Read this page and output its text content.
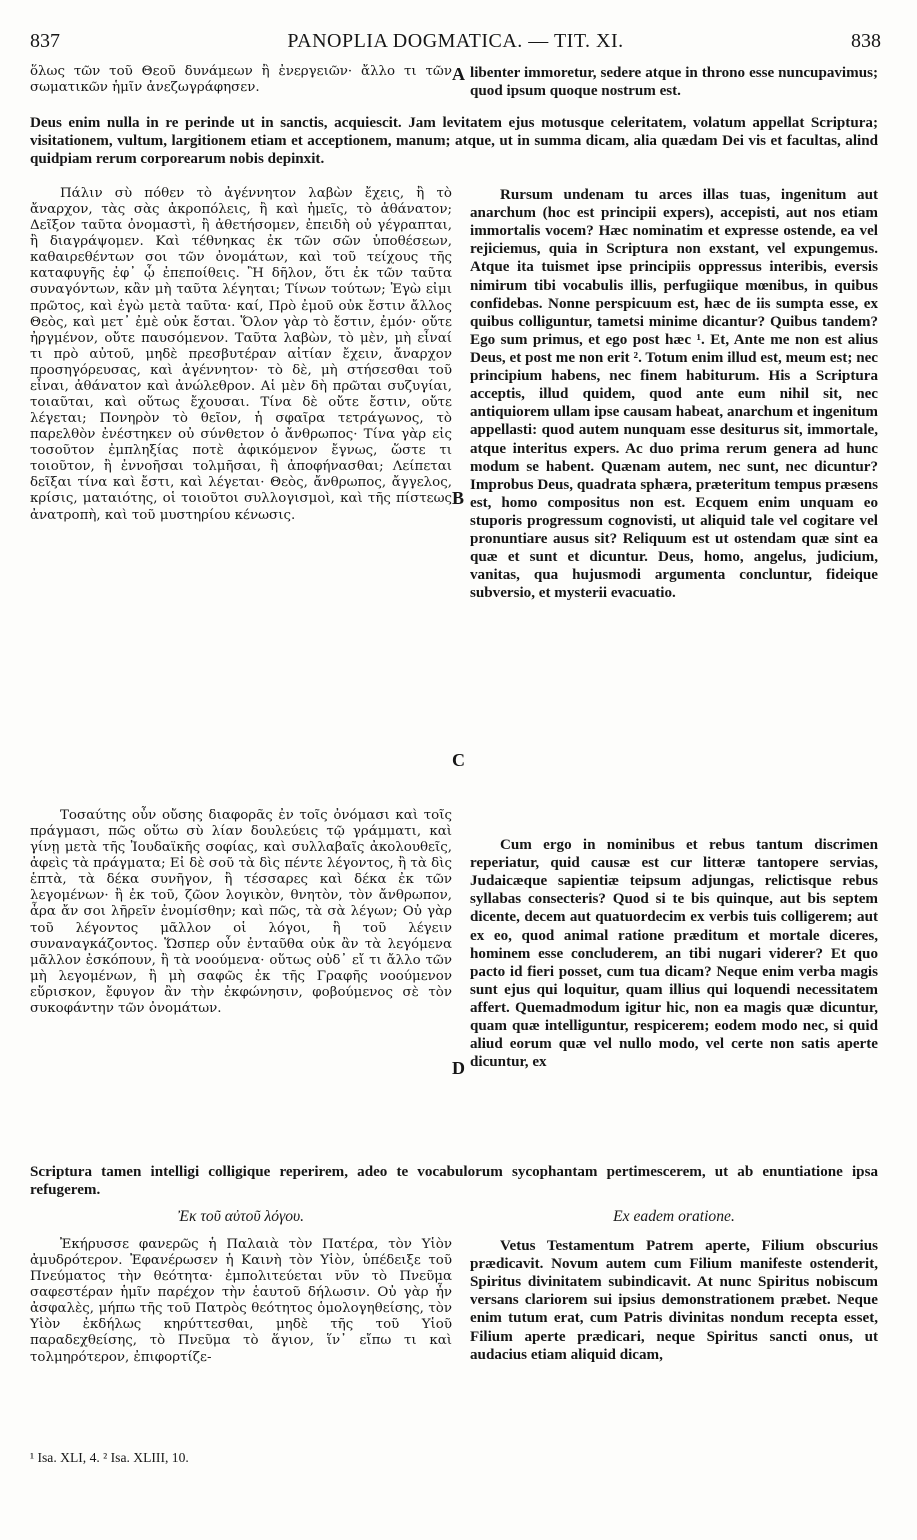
837	PANOPLIA DOGMATICA. — TIT. XI.	838

ὅλως τῶν τοῦ Θεοῦ δυνάμεων ἢ ἐνεργειῶν· ἄλλο τι τῶν σωματικῶν ἡμῖν ἀνεζωγράφησεν.

libenter immoretur, sedere atque in throno esse nuncupavimus; quod ipsum quoque nostrum est.

Deus enim nulla in re perinde ut in sanctis, acquiescit. Jam levitatem ejus motusque celeritatem, volatum appellat Scriptura; visitationem, vultum, largitionem etiam et acceptionem, manum; atque, ut in summa dicam, alia quædam Dei vis et facultas, alind quidpiam rerum corporearum nobis depinxit.

Πάλιν σὺ πόθεν τὸ ἀγέννητον λαβὼν ἔχεις, ἢ τὸ ἄναρχον, τὰς σὰς ἀκροπόλεις, ἢ καὶ ἡμεῖς, τὸ ἀθάνατον; Δεῖξον ταῦτα ὀνομαστὶ, ἢ ἀθετήσομεν, ἐπειδὴ οὐ γέγραπται, ἢ διαγράψομεν. Καὶ τέθνηκας ἐκ τῶν σῶν ὑποθέσεων, καθαιρεθέντων σοι τῶν ὀνομάτων, καὶ τοῦ τείχους τῆς καταφυγῆς ἐφ᾽ ᾧ ἐπεποίθεις. Ἢ δῆλον, ὅτι ἐκ τῶν ταῦτα συναγόντων, κἂν μὴ ταῦτα λέγηται; Τίνων τούτων; Ἐγὼ εἰμι πρῶτος, καὶ ἐγὼ μετὰ ταῦτα· καί, Πρὸ ἐμοῦ οὐκ ἔστιν ἄλλος Θεὸς, καὶ μετ᾽ ἐμὲ οὐκ ἔσται. Ὅλον γὰρ τὸ ἔστιν, ἐμόν· οὔτε ἠργμένον, οὔτε παυσόμενον. Ταῦτα λαβὼν, τὸ μὲν, μὴ εἶναί τι πρὸ αὐτοῦ, μηδὲ πρεσβυτέραν αἰτίαν ἔχειν, ἄναρχον προσηγόρευσας, καὶ ἀγέννητον· τὸ δὲ, μὴ στήσεσθαι τοῦ εἶναι, ἀθάνατον καὶ ἀνώλεθρον. Αἱ μὲν δὴ πρῶται συζυγίαι, τοιαῦται, καὶ οὕτως ἔχουσαι. Τίνα δὲ οὔτε ἔστιν, οὔτε λέγεται; Πονηρὸν τὸ θεῖον, ἡ σφαῖρα τετράγωνος, τὸ παρελθὸν ἐνέστηκεν οὐ σύνθετον ὁ ἄνθρωπος· Τίνα γὰρ εἰς τοσοῦτον ἐμπληξίας ποτὲ ἀφικόμενον ἔγνως, ὥστε τι τοιοῦτον, ἢ ἐννοῆσαι τολμῆσαι, ἢ ἀποφήνασθαι; Λείπεται δεῖξαι τίνα καὶ ἔστι, καὶ λέγεται· Θεὸς, ἄνθρωπος, ἄγγελος, κρίσις, ματαιότης, οἱ τοιοῦτοι συλλογισμοὶ, καὶ τῆς πίστεως ἀνατροπὴ, καὶ τοῦ μυστηρίου κένωσις.

Rursum undenam tu arces illas tuas, ingenitum aut anarchum (hoc est principii expers), accepisti, aut nos etiam immortalis vocem? Hæc nominatim et expresse ostende, ea vel rejiciemus, quia in Scriptura non exstant, vel expungemus. Atque ita tuismet ipse principiis oppressus interibis, eversis nimirum tibi vocabulis illis, perfugiique mœnibus, in quibus confidebas. Nonne perspicuum est, hæc de iis sumpta esse, ex quibus colliguntur, tametsi minime dicantur? Quibus tandem? Ego sum primus, et ego post hæc ¹. Et, Ante me non est alius Deus, et post me non erit ². Totum enim illud est, meum est; nec principium habens, nec finem habiturum. His a Scriptura acceptis, illud quidem, quod ante eum nihil sit, nec antiquiorem ullam ipse causam habeat, anarchum et ingenitum appellasti: quod autem nunquam esse desiturus sit, immortale, atque interitus expers. Ac duo prima rerum genera ad hunc modum se habent. Quænam autem, nec sunt, nec dicuntur? Improbus Deus, quadrata sphæra, præteritum tempus præsens est, homo compositus non est. Ecquem enim unquam eo stuporis progressum cognovisti, ut aliquid tale vel cogitare vel pronuntiare ausus sit? Reliquum est ut ostendam quæ sint ea quæ et sunt et dicuntur. Deus, homo, angelus, judicium, vanitas, qua hujusmodi argumenta concluntur, fideique subversio, et mysterii evacuatio.

Τοσαύτης οὖν οὔσης διαφορᾶς ἐν τοῖς ὀνόμασι καὶ τοῖς πράγμασι, πῶς οὕτω σὺ λίαν δουλεύεις τῷ γράμματι, καὶ γίνῃ μετὰ τῆς Ἰουδαϊκῆς σοφίας, καὶ συλλαβαῖς ἀκολουθεῖς, ἀφεὶς τὰ πράγματα; Εἰ δὲ σοῦ τὰ δὶς πέντε λέγοντος, ἢ τὰ δὶς ἑπτὰ, τὰ δέκα συνῆγον, ἢ τέσσαρες καὶ δέκα ἐκ τῶν λεγομένων· ἢ ἐκ τοῦ, ζῶον λογικὸν, θνητὸν, τὸν ἄνθρωπον, ἆρα ἄν σοι λῆρεῖν ἐνομίσθην; καὶ πῶς, τὰ σὰ λέγων; Οὐ γὰρ τοῦ λέγοντος μᾶλλον οἱ λόγοι, ἢ τοῦ λέγειν συναναγκάζοντος. Ὥσπερ οὖν ἐνταῦθα οὐκ ἂν τὰ λεγόμενα μᾶλλον ἐσκόπουν, ἢ τὰ νοούμενα· οὕτως οὐδ᾽ εἴ τι ἄλλο τῶν μὴ λεγομένων, ἢ μὴ σαφῶς ἐκ τῆς Γραφῆς νοούμενον εὕρισκον, ἔφυγον ἂν τὴν ἐκφώνησιν, φοβούμενος σὲ τὸν συκοφάντην τῶν ὀνομάτων.

Cum ergo in nominibus et rebus tantum discrimen reperiatur, quid causæ est cur litteræ tantopere servias, Judaicæque sapientiæ teipsum adjungas, relictisque rebus syllabas consecteris? Quod si te bis quinque, aut bis septem dicente, decem aut quatuordecim ex verbis tuis colligerem; aut ex eo, quod animal ratione præditum et mortale diceres, hominem esse concluderem, an tibi nugari viderer? Et quo pacto id fieri posset, cum tua dicam? Neque enim verba magis sunt ejus qui loquitur, quam illius qui loquendi necessitatem affert. Quemadmodum igitur hic, non ea magis quæ dicuntur, quam quæ intelliguntur, respicerem; eodem modo nec, si quid aliud eorum quæ vel nullo modo, vel certe non satis aperte dicuntur, ex

Scriptura tamen intelligi colligique reperirem, adeo te vocabulorum sycophantam pertimescerem, ut ab enuntiatione ipsa refugerem.

Ἐκ τοῦ αὐτοῦ λόγου.	Ex eadem oratione.

Ἐκήρυσσε φανερῶς ἡ Παλαιὰ τὸν Πατέρα, τὸν Υἱὸν ἀμυδρότερον. Ἐφανέρωσεν ἡ Καινὴ τὸν Υἱὸν, ὑπέδειξε τοῦ Πνεύματος τὴν θεότητα· ἐμπολιτεύεται νῦν τὸ Πνεῦμα σαφεστέραν ἡμῖν παρέχον τὴν ἑαυτοῦ δήλωσιν. Οὐ γὰρ ἦν ἀσφαλὲς, μήπω τῆς τοῦ Πατρὸς θεότητος ὁμολογηθείσης, τὸν Υἱὸν ἐκδήλως κηρύττεσθαι, μηδὲ τῆς τοῦ Υἱοῦ παραδεχθείσης, τὸ Πνεῦμα τὸ ἅγιον, ἵν᾽ εἴπω τι καὶ τολμηρότερον, ἐπιφορτίζε-

Vetus Testamentum Patrem aperte, Filium obscurius prædicavit. Novum autem cum Filium manifeste ostenderit, Spiritus divinitatem subindicavit. At nunc Spiritus nobiscum versans clariorem sui ipsius demonstrationem præbet. Neque enim tutum erat, cum Patris divinitas nondum recepta esset, Filium aperte prædicari, neque Spiritus sancti onus, ut audacius etiam aliquid dicam,

A
B
C
D
¹ Isa. XLI, 4. ² Isa. XLIII, 10.
